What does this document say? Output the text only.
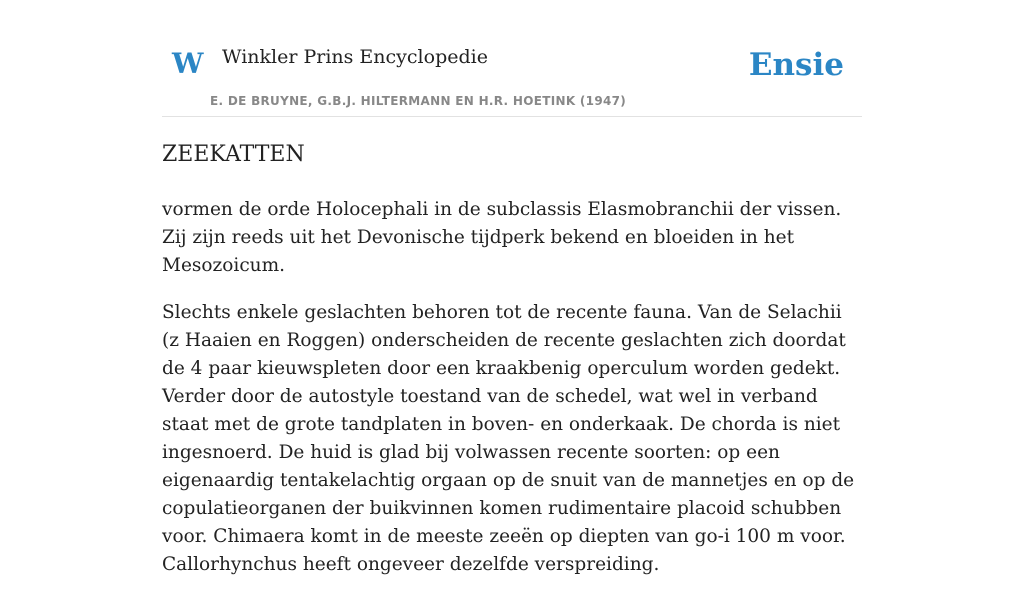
W Winkler Prins Encyclopedie
E. DE BRUYNE, G.B.J. HILTERMANN EN H.R. HOETINK (1947)
Ensie
ZEEKATTEN

vormen de orde Holocephali in de subclassis Elasmobranchii der vissen. Zij zijn reeds uit het Devonische tijdperk bekend en bloeiden in het Mesozoicum.

Slechts enkele geslachten behoren tot de recente fauna. Van de Selachii (z Haaien en Roggen) onderscheiden de recente geslachten zich doordat de 4 paar kieuwspleten door een kraakbenig operculum worden gedekt. Verder door de autostyle toestand van de schedel, wat wel in verband staat met de grote tandplaten in boven- en onderkaak. De chorda is niet ingesnoerd. De huid is glad bij volwassen recente soorten: op een eigenaardig tentakelachtig orgaan op de snuit van de mannetjes en op de copulatieorganen der buikvinnen komen rudimentaire placoid schubben voor. Chimaera komt in de meeste zeeën op diepten van go-i 100 m voor. Callorhynchus heeft ongeveer dezelfde verspreiding.
